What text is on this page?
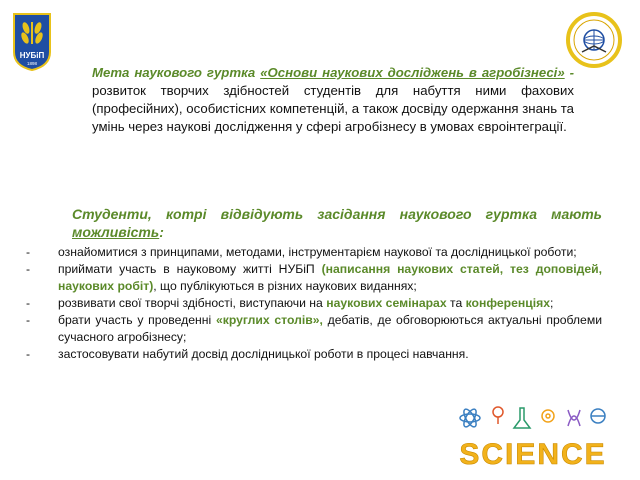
НУБіП
1898
Мета наукового гуртка «Основи наукових досліджень в агробізнесі» - розвиток творчих здібностей студентів для набуття ними фахових (професійних), особистісних компетенцій, а також досвіду одержання знань та умінь через наукові дослідження у сфері агробізнесу в умовах євроінтеграції.
Студенти, котрі відвідують засідання наукового гуртка мають можливість:
- ознайомитися з принципами, методами, інструментарієм наукової та дослідницької роботи;
- приймати участь в науковому житті НУБіП (написання наукових статей, тез доповідей, наукових робіт), що публікуються в різних наукових виданнях;
- розвивати свої творчі здібності, виступаючи на наукових семінарах та конференціях;
- брати участь у проведенні «круглих столів», дебатів, де обговорюються актуальні проблеми сучасного агробізнесу;
- застосовувати набутий досвід дослідницької роботи в процесі навчання.
SCIENCE
